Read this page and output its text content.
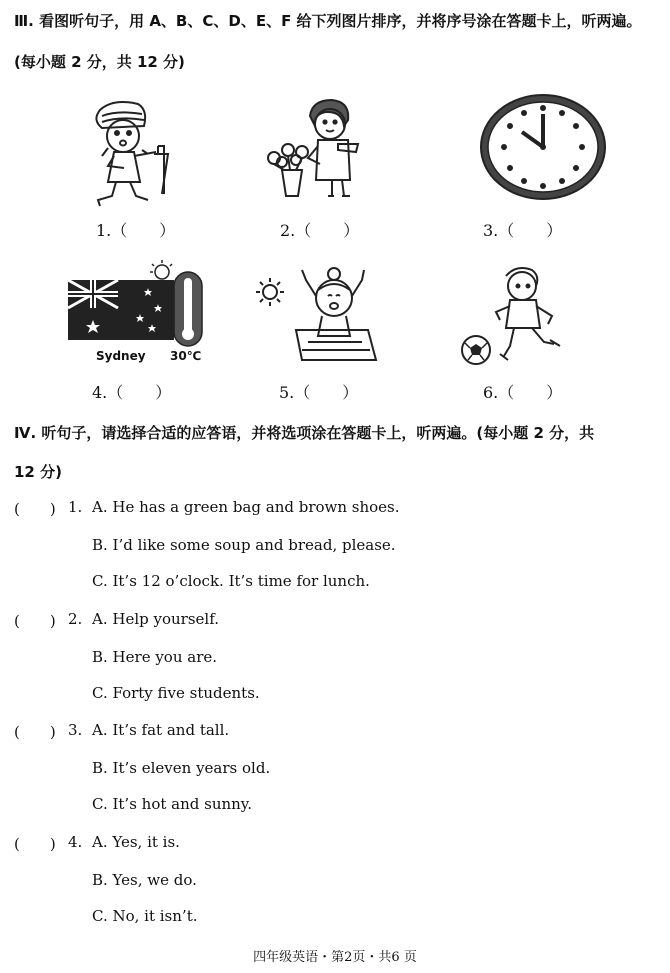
Ⅲ. 看图听句子，用 A、B、C、D、E、F 给下列图片排序，并将序号涂在答题卡上，听两遍。
(每小题 2 分，共 12 分)
1.（　　）	2.（　　）	3.（　　）
Sydney 30℃
4.（　　）	5.（　　）	6.（　　）
Ⅳ. 听句子，请选择合适的应答语，并将选项涂在答题卡上，听两遍。(每小题 2 分，共
12 分)
(　　) 1. A. He has a green bag and brown shoes.
B. I’d like some soup and bread, please.
C. It’s 12 o’clock. It’s time for lunch.
(　　) 2. A. Help yourself.
B. Here you are.
C. Forty five students.
(　　) 3. A. It’s fat and tall.
B. It’s eleven years old.
C. It’s hot and sunny.
(　　) 4. A. Yes, it is.
B. Yes, we do.
C. No, it isn’t.
四年级英语・第2页・共6 页
